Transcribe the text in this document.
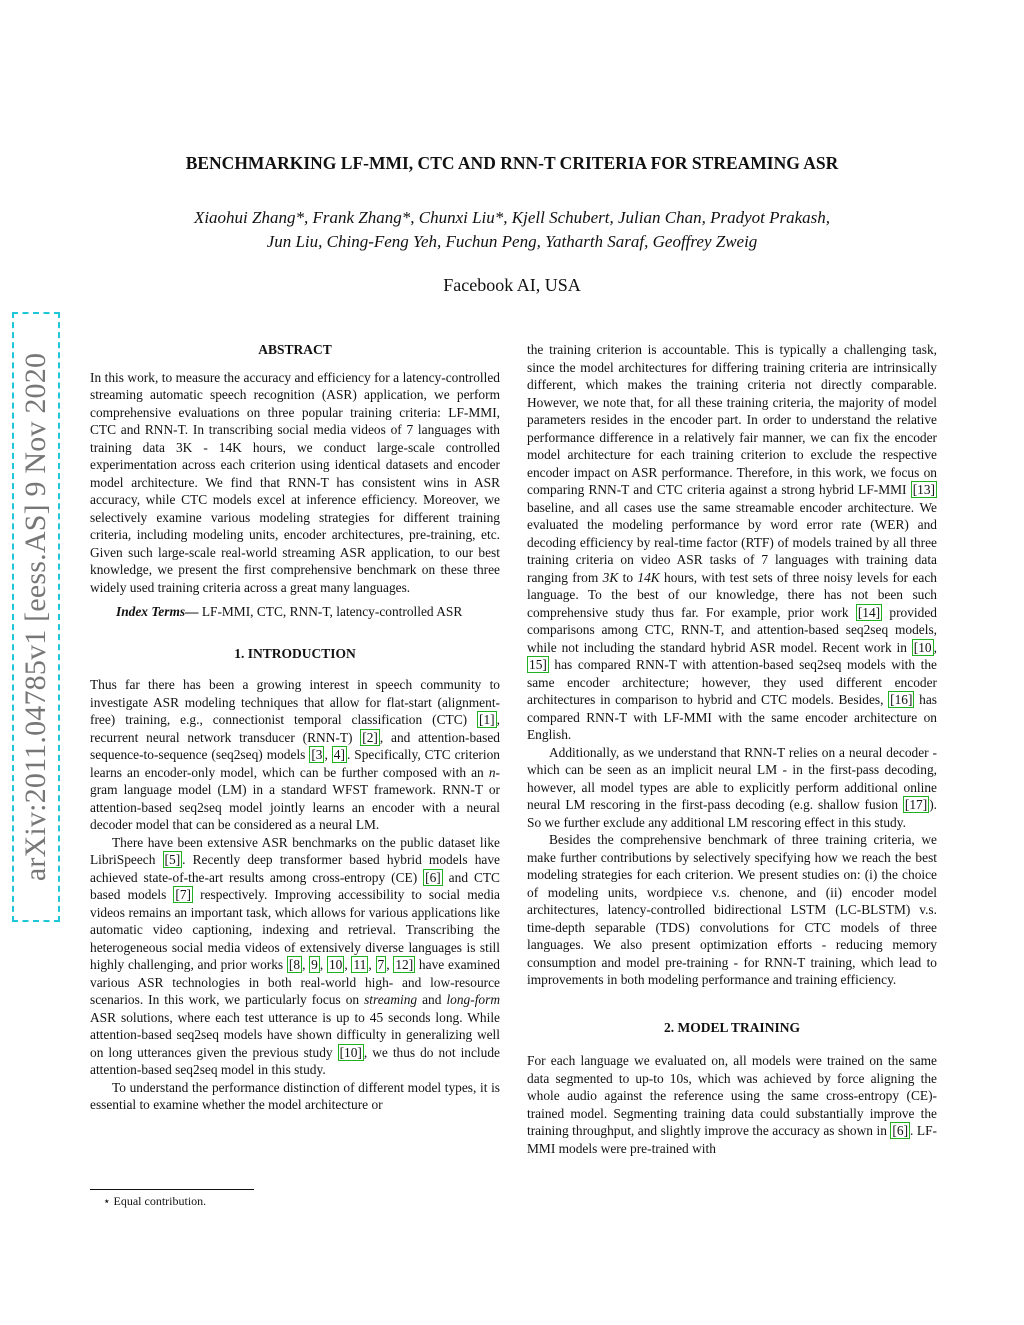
arXiv:2011.04785v1 [eess.AS] 9 Nov 2020
BENCHMARKING LF-MMI, CTC AND RNN-T CRITERIA FOR STREAMING ASR
Xiaohui Zhang*, Frank Zhang*, Chunxi Liu*, Kjell Schubert, Julian Chan, Pradyot Prakash,
Jun Liu, Ching-Feng Yeh, Fuchun Peng, Yatharth Saraf, Geoffrey Zweig
Facebook AI, USA
ABSTRACT

In this work, to measure the accuracy and efficiency for a latency-controlled streaming automatic speech recognition (ASR) application, we perform comprehensive evaluations on three popular training criteria: LF-MMI, CTC and RNN-T. In transcribing social media videos of 7 languages with training data 3K - 14K hours, we conduct large-scale controlled experimentation across each criterion using identical datasets and encoder model architecture. We find that RNN-T has consistent wins in ASR accuracy, while CTC models excel at inference efficiency. Moreover, we selectively examine various modeling strategies for different training criteria, including modeling units, encoder architectures, pre-training, etc. Given such large-scale real-world streaming ASR application, to our best knowledge, we present the first comprehensive benchmark on these three widely used training criteria across a great many languages.

Index Terms— LF-MMI, CTC, RNN-T, latency-controlled ASR

1. INTRODUCTION

Thus far there has been a growing interest in speech community to investigate ASR modeling techniques that allow for flat-start (alignment-free) training, e.g., connectionist temporal classification (CTC) [1] , recurrent neural network transducer (RNN-T) [2] , and attention-based sequence-to-sequence (seq2seq) models [3 , 4] . Specifically, CTC criterion learns an encoder-only model, which can be further composed with an n-gram language model (LM) in a standard WFST framework. RNN-T or attention-based seq2seq model jointly learns an encoder with a neural decoder model that can be considered as a neural LM.

There have been extensive ASR benchmarks on the public dataset like LibriSpeech [5] . Recently deep transformer based hybrid models have achieved state-of-the-art results among cross-entropy (CE) [6] and CTC based models [7] respectively. Improving accessibility to social media videos remains an important task, which allows for various applications like automatic video captioning, indexing and retrieval. Transcribing the heterogeneous social media videos of extensively diverse languages is still highly challenging, and prior works [8 , 9 , 10 , 11 , 7 , 12] have examined various ASR technologies in both real-world high- and low-resource scenarios. In this work, we particularly focus on streaming and long-form ASR solutions, where each test utterance is up to 45 seconds long. While attention-based seq2seq models have shown difficulty in generalizing well on long utterances given the previous study [10] , we thus do not include attention-based seq2seq model in this study.

To understand the performance distinction of different model types, it is essential to examine whether the model architecture or

the training criterion is accountable. This is typically a challenging task, since the model architectures for differing training criteria are intrinsically different, which makes the training criteria not directly comparable. However, we note that, for all these training criteria, the majority of model parameters resides in the encoder part. In order to understand the relative performance difference in a relatively fair manner, we can fix the encoder model architecture for each training criterion to exclude the respective encoder impact on ASR performance. Therefore, in this work, we focus on comparing RNN-T and CTC criteria against a strong hybrid LF-MMI [13] baseline, and all cases use the same streamable encoder architecture. We evaluated the modeling performance by word error rate (WER) and decoding efficiency by real-time factor (RTF) of models trained by all three training criteria on video ASR tasks of 7 languages with training data ranging from 3K to 14K hours, with test sets of three noisy levels for each language. To the best of our knowledge, there has not been such comprehensive study thus far. For example, prior work [14] provided comparisons among CTC, RNN-T, and attention-based seq2seq models, while not including the standard hybrid ASR model. Recent work in [10 , 15] has compared RNN-T with attention-based seq2seq models with the same encoder architecture; however, they used different encoder architectures in comparison to hybrid and CTC models. Besides, [16] has compared RNN-T with LF-MMI with the same encoder architecture on English.

Additionally, as we understand that RNN-T relies on a neural decoder - which can be seen as an implicit neural LM - in the first-pass decoding, however, all model types are able to explicitly perform additional online neural LM rescoring in the first-pass decoding (e.g. shallow fusion [17] ). So we further exclude any additional LM rescoring effect in this study.

Besides the comprehensive benchmark of three training criteria, we make further contributions by selectively specifying how we reach the best modeling strategies for each criterion. We present studies on: (i) the choice of modeling units, wordpiece v.s. chenone, and (ii) encoder model architectures, latency-controlled bidirectional LSTM (LC-BLSTM) v.s. time-depth separable (TDS) convolutions for CTC models of three languages. We also present optimization efforts - reducing memory consumption and model pre-training - for RNN-T training, which lead to improvements in both modeling performance and training efficiency.

2. MODEL TRAINING

For each language we evaluated on, all models were trained on the same data segmented to up-to 10s, which was achieved by force aligning the whole audio against the reference using the same cross-entropy (CE)-trained model. Segmenting training data could substantially improve the training throughput, and slightly improve the accuracy as shown in [6] . LF-MMI models were pre-trained with

⋆ Equal contribution.
